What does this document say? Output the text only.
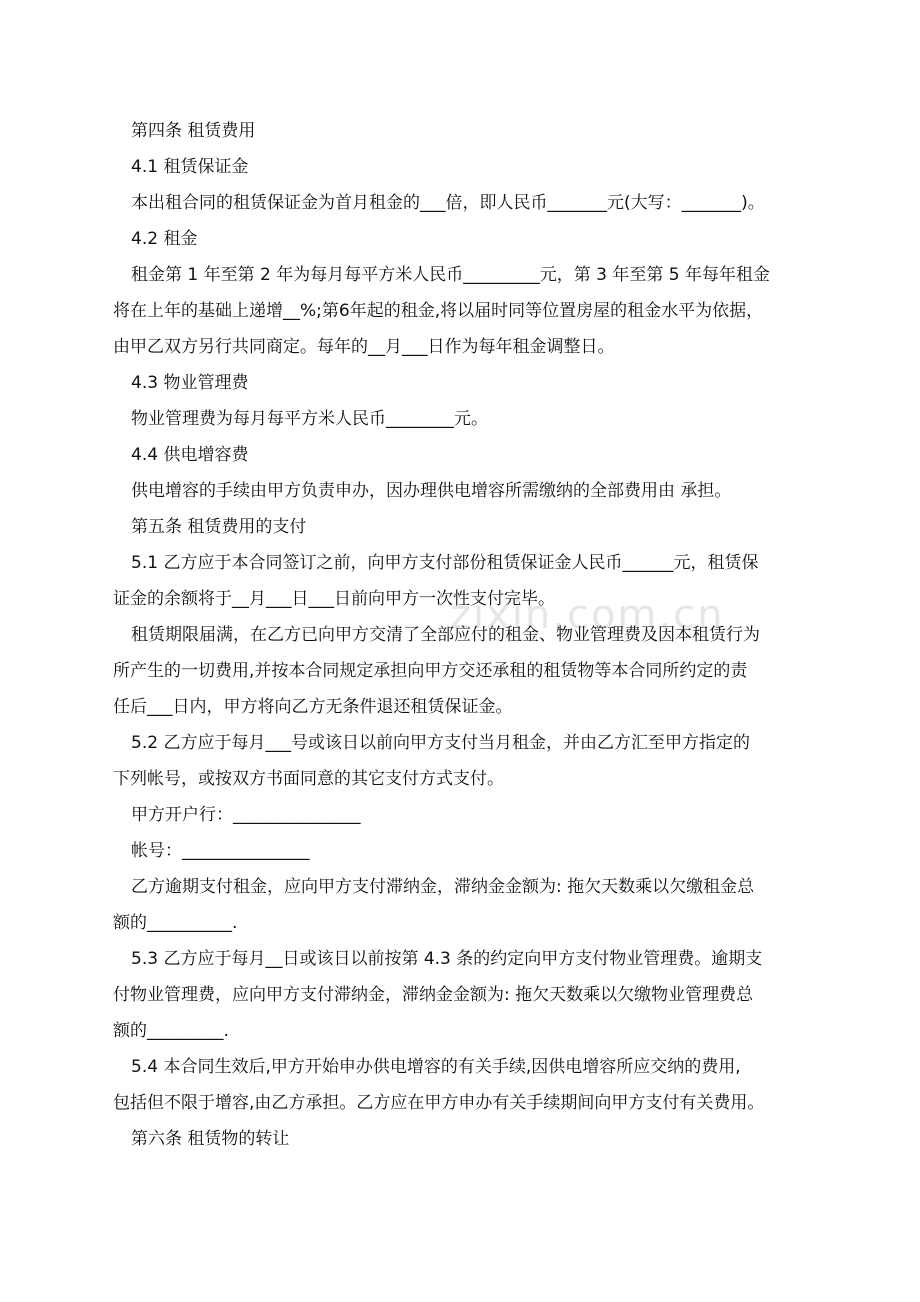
zixin.com.cn
第四条 租赁费用
4.1 租赁保证金
本出租合同的租赁保证金为首月租金的___倍，即人民币_______元(大写：_______)。
4.2 租金
租金第 1 年至第 2 年为每月每平方米人民币_________元，第 3 年至第 5 年每年租金
将在上年的基础上递增__%;第6年起的租金,将以届时同等位置房屋的租金水平为依据，
由甲乙双方另行共同商定。每年的__月___日作为每年租金调整日。
4.3 物业管理费
物业管理费为每月每平方米人民币________元。
4.4 供电增容费
供电增容的手续由甲方负责申办，因办理供电增容所需缴纳的全部费用由 承担。
第五条 租赁费用的支付
5.1 乙方应于本合同签订之前，向甲方支付部份租赁保证金人民币______元，租赁保
证金的余额将于__月___日___日前向甲方一次性支付完毕。
租赁期限届满，在乙方已向甲方交清了全部应付的租金、物业管理费及因本租赁行为
所产生的一切费用,并按本合同规定承担向甲方交还承租的租赁物等本合同所约定的责
任后___日内，甲方将向乙方无条件退还租赁保证金。
5.2 乙方应于每月___号或该日以前向甲方支付当月租金，并由乙方汇至甲方指定的
下列帐号，或按双方书面同意的其它支付方式支付。
甲方开户行：_______________
帐号：_______________
乙方逾期支付租金，应向甲方支付滞纳金，滞纳金金额为: 拖欠天数乘以欠缴租金总
额的__________.
5.3 乙方应于每月__日或该日以前按第 4.3 条的约定向甲方支付物业管理费。逾期支
付物业管理费，应向甲方支付滞纳金，滞纳金金额为: 拖欠天数乘以欠缴物业管理费总
额的_________.
5.4 本合同生效后,甲方开始申办供电增容的有关手续,因供电增容所应交纳的费用,
包括但不限于增容,由乙方承担。乙方应在甲方申办有关手续期间向甲方支付有关费用。
第六条 租赁物的转让
